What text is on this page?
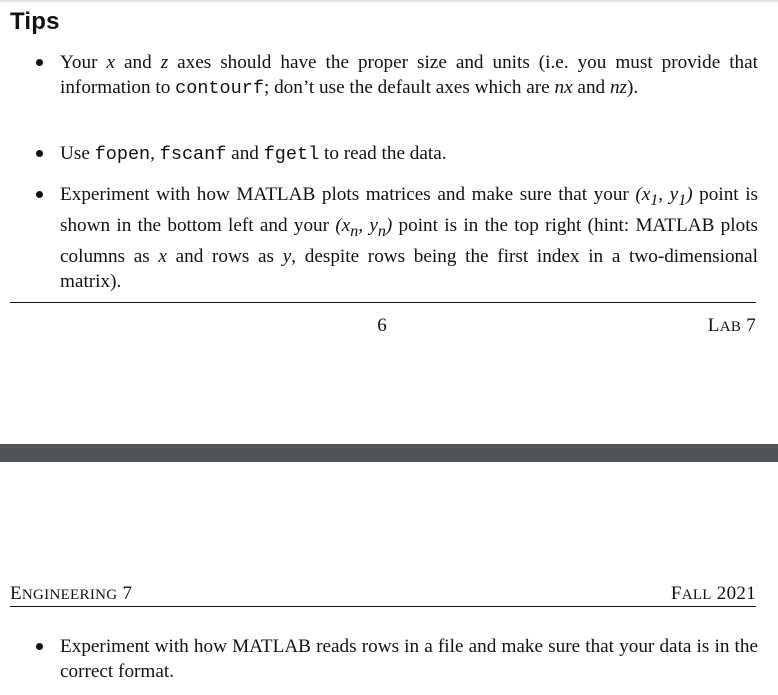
Tips
Your x and z axes should have the proper size and units (i.e. you must provide that information to contourf; don’t use the default axes which are nx and nz).
Use fopen, fscanf and fgetl to read the data.
Experiment with how MATLAB plots matrices and make sure that your ($x_1$, $y_1$) point is shown in the bottom left and your ($x_n$, $y_n$) point is in the top right (hint: MATLAB plots columns as x and rows as y, despite rows being the first index in a two-dimensional matrix).
6	LAB 7
ENGINEERING 7	FALL 2021
Experiment with how MATLAB reads rows in a file and make sure that your data is in the correct format.
